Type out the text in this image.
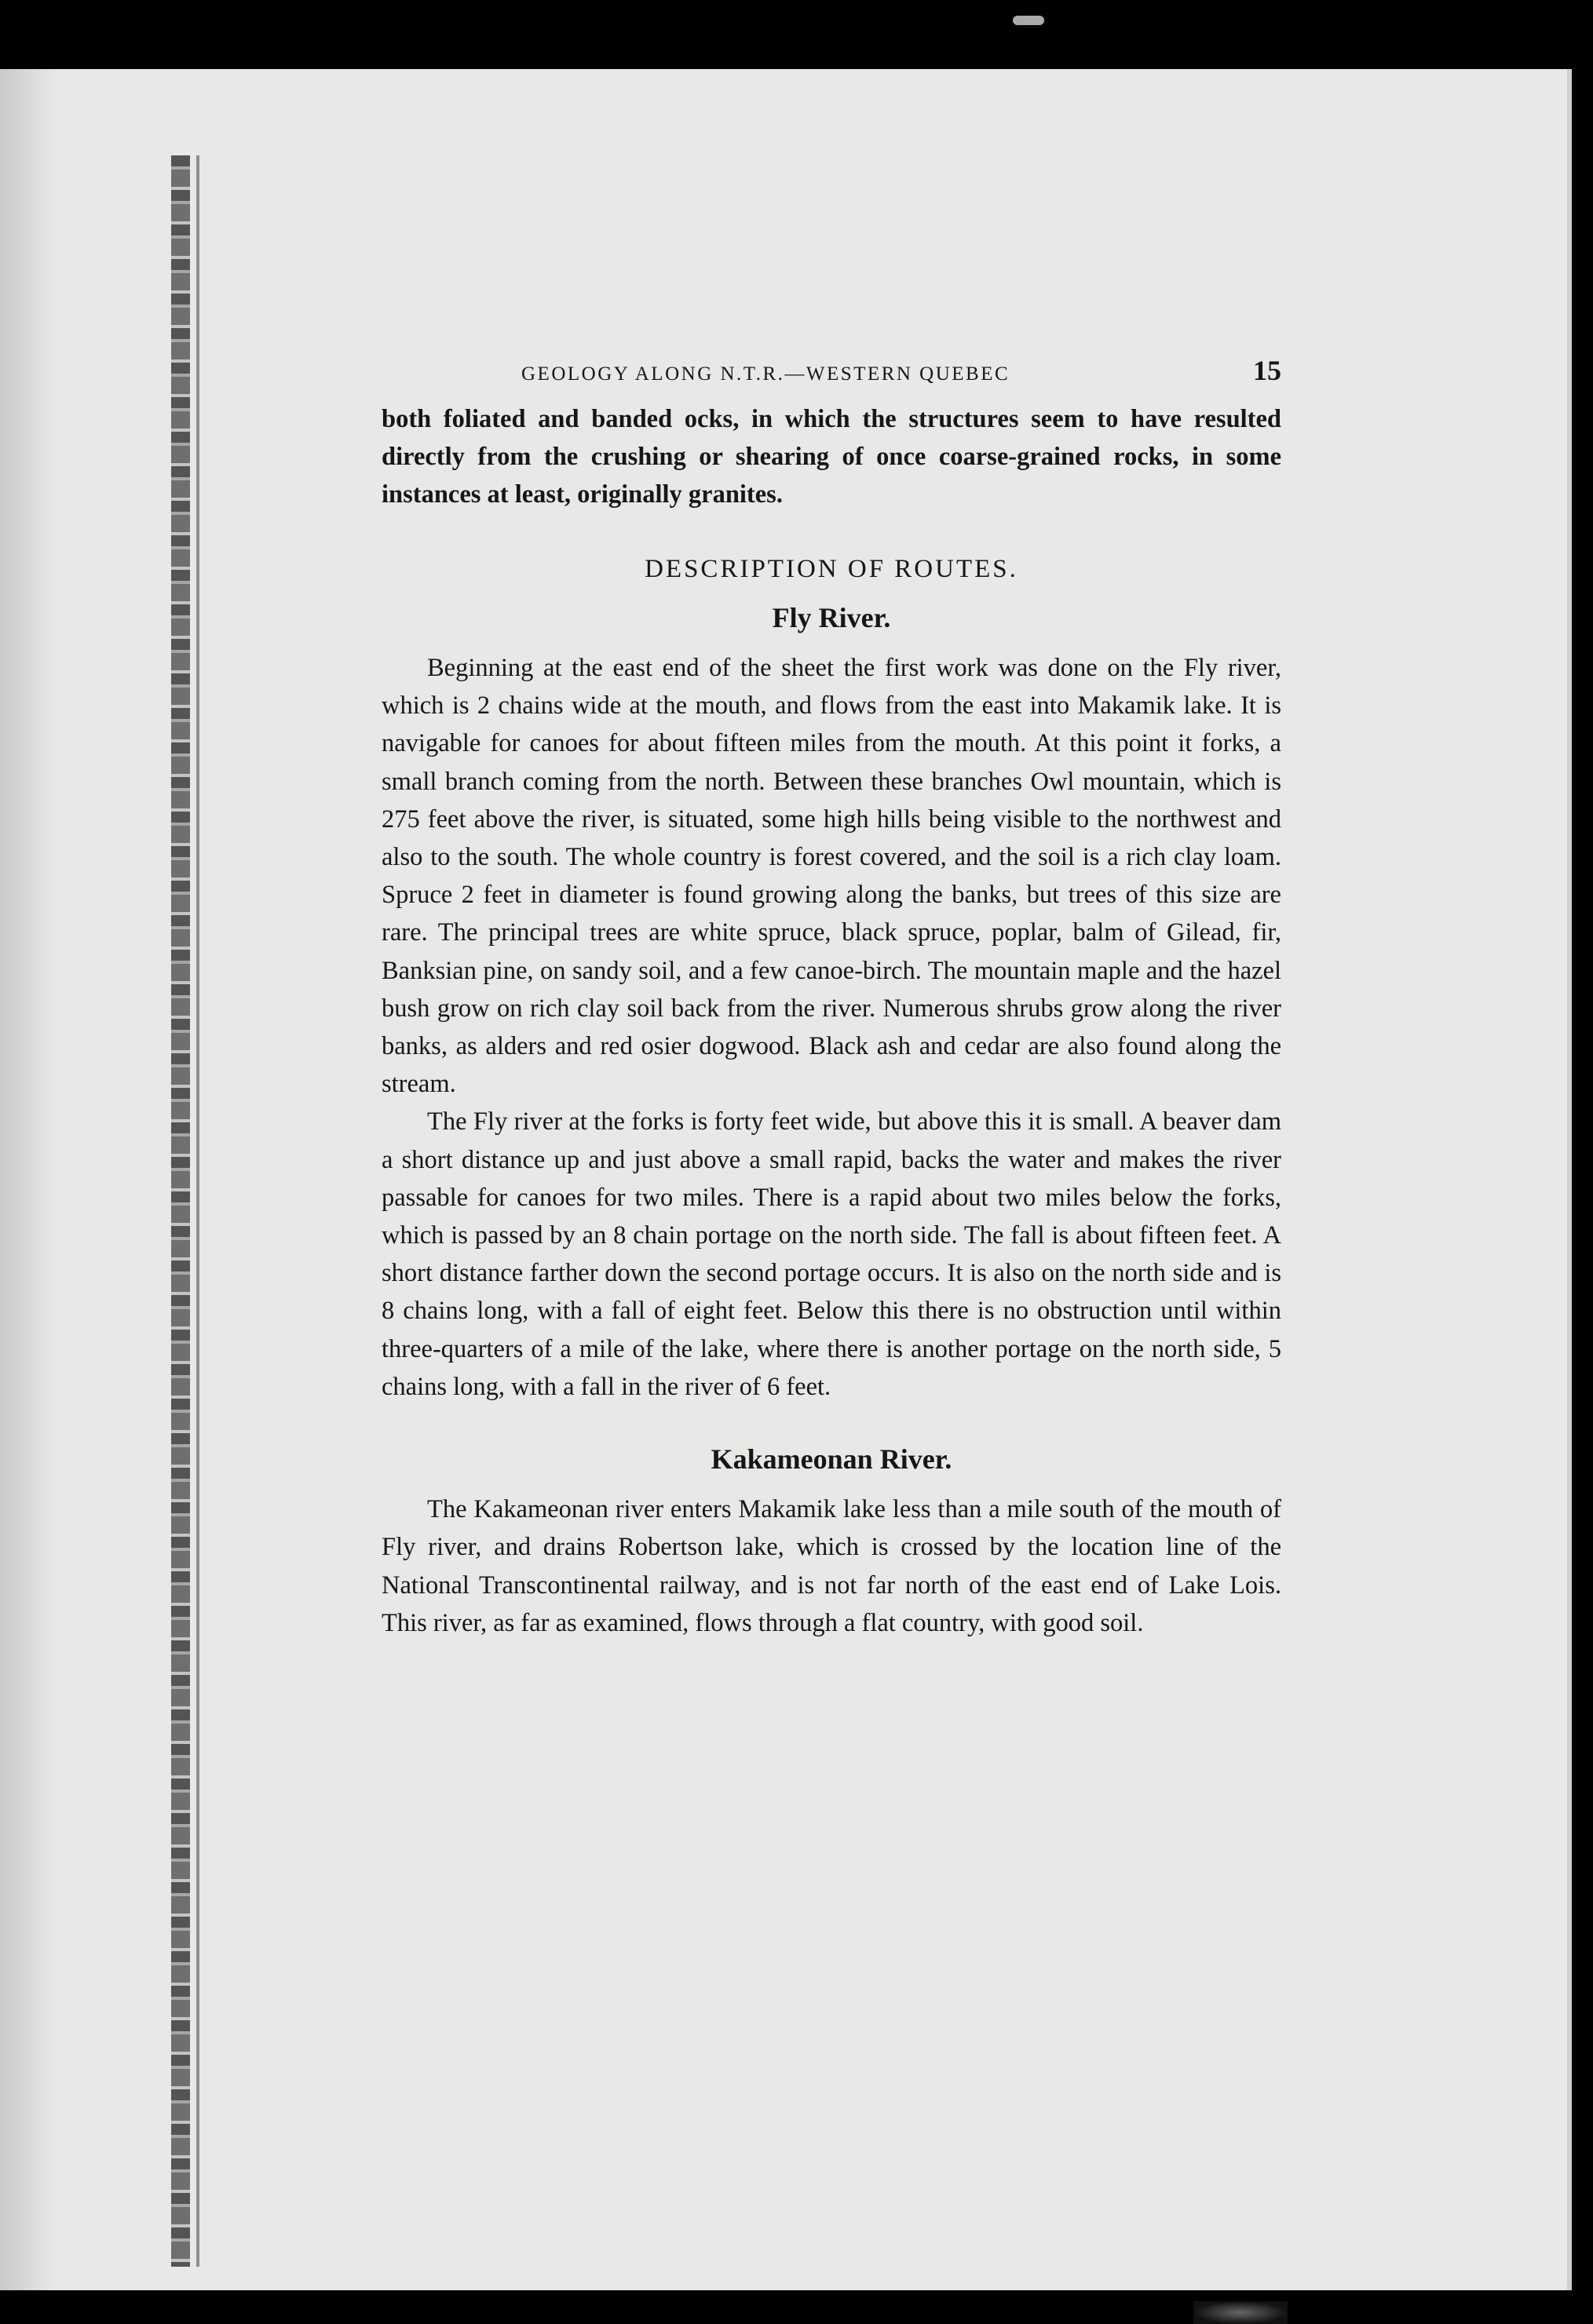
GEOLOGY ALONG N.T.R.—WESTERN QUEBEC	15

both foliated and banded ocks, in which the structures seem to have resulted directly from the crushing or shearing of once coarse-grained rocks, in some instances at least, originally granites.

DESCRIPTION OF ROUTES.
Fly River.

Beginning at the east end of the sheet the first work was done on the Fly river, which is 2 chains wide at the mouth, and flows from the east into Makamik lake. It is navigable for canoes for about fifteen miles from the mouth. At this point it forks, a small branch coming from the north. Between these branches Owl mountain, which is 275 feet above the river, is situated, some high hills being visible to the northwest and also to the south. The whole country is forest covered, and the soil is a rich clay loam. Spruce 2 feet in diameter is found growing along the banks, but trees of this size are rare. The principal trees are white spruce, black spruce, poplar, balm of Gilead, fir, Banksian pine, on sandy soil, and a few canoe-birch. The mountain maple and the hazel bush grow on rich clay soil back from the river. Numerous shrubs grow along the river banks, as alders and red osier dogwood. Black ash and cedar are also found along the stream.

The Fly river at the forks is forty feet wide, but above this it is small. A beaver dam a short distance up and just above a small rapid, backs the water and makes the river passable for canoes for two miles. There is a rapid about two miles below the forks, which is passed by an 8 chain portage on the north side. The fall is about fifteen feet. A short distance farther down the second portage occurs. It is also on the north side and is 8 chains long, with a fall of eight feet. Below this there is no obstruction until within three-quarters of a mile of the lake, where there is another portage on the north side, 5 chains long, with a fall in the river of 6 feet.

Kakameonan River.

The Kakameonan river enters Makamik lake less than a mile south of the mouth of Fly river, and drains Robertson lake, which is crossed by the location line of the National Transcontinental railway, and is not far north of the east end of Lake Lois. This river, as far as examined, flows through a flat country, with good soil.
